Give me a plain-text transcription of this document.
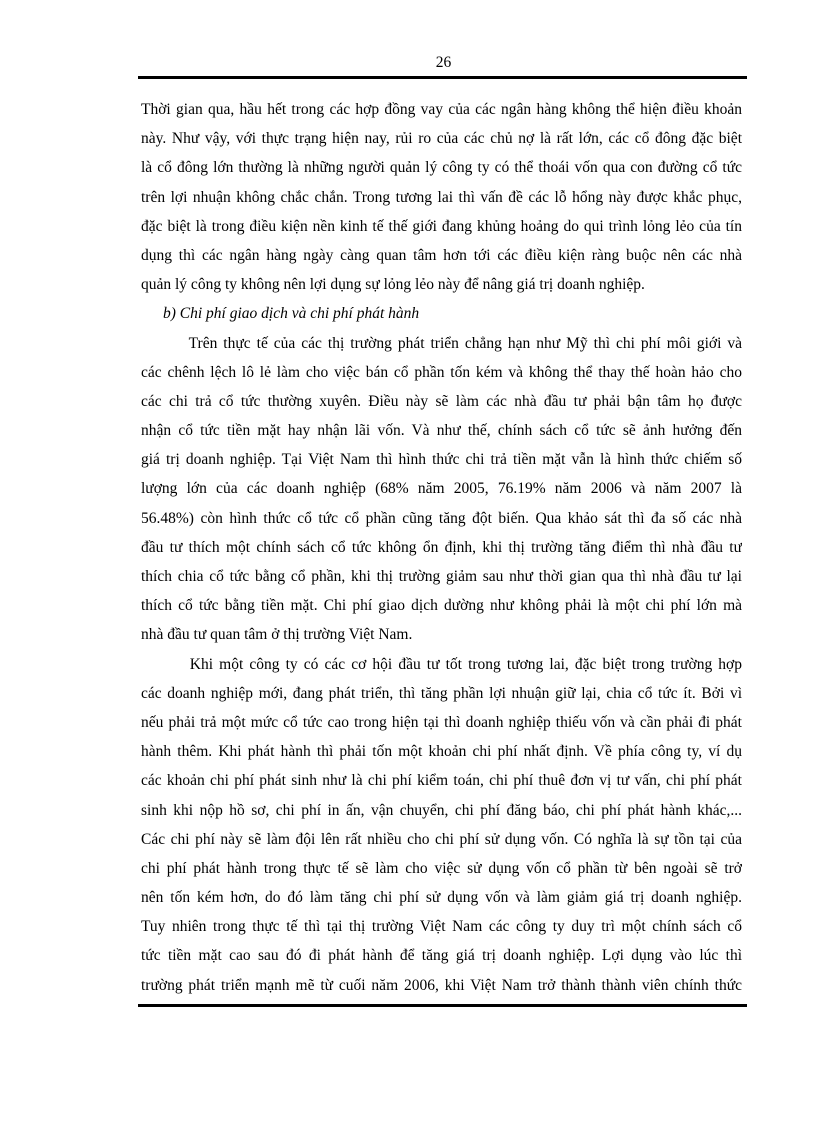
26
Thời gian qua, hầu hết trong các hợp đồng vay của các ngân hàng không thể hiện điều khoản
này. Như vậy, với thực trạng hiện nay, rủi ro của các chủ nợ là rất lớn, các cổ đông đặc biệt
là cổ đông lớn thường là những người quản lý công ty có thể thoái vốn qua con đường cổ tức
trên lợi nhuận không chắc chắn. Trong tương lai thì vấn đề các lỗ hổng này được khắc phục,
đặc biệt là trong điều kiện nền kinh tế thế giới đang khủng hoảng do qui trình lỏng lẻo của tín
dụng thì các ngân hàng ngày càng quan tâm hơn tới các điều kiện ràng buộc nên các nhà
quản lý công ty không nên lợi dụng sự lỏng lẻo này để nâng giá trị doanh nghiệp.
b) Chi phí giao dịch và chi phí phát hành
Trên thực tế của các thị trường phát triển chẳng hạn như Mỹ thì chi phí môi giới và
các chênh lệch lô lẻ làm cho việc bán cổ phần tốn kém và không thể thay thế hoàn hảo cho
các chi trả cổ tức thường xuyên. Điều này sẽ làm các nhà đầu tư phải bận tâm họ được
nhận cổ tức tiền mặt hay nhận lãi vốn. Và như thế, chính sách cổ tức sẽ ảnh hưởng đến
giá trị doanh nghiệp. Tại Việt Nam thì hình thức chi trả tiền mặt vẫn là hình thức chiếm số
lượng lớn của các doanh nghiệp (68% năm 2005, 76.19% năm 2006 và năm 2007 là
56.48%) còn hình thức cổ tức cổ phần cũng tăng đột biến. Qua khảo sát thì đa số các nhà
đầu tư thích một chính sách cổ tức không ổn định, khi thị trường tăng điểm thì nhà đầu tư
thích chia cổ tức bằng cổ phần, khi thị trường giảm sau như thời gian qua thì nhà đầu tư lại
thích cổ tức bằng tiền mặt. Chi phí giao dịch dường như không phải là một chi phí lớn mà
nhà đầu tư quan tâm ở thị trường Việt Nam.
Khi một công ty có các cơ hội đầu tư tốt trong tương lai, đặc biệt trong trường hợp
các doanh nghiệp mới, đang phát triển, thì tăng phần lợi nhuận giữ lại, chia cổ tức ít. Bởi vì
nếu phải trả một mức cổ tức cao trong hiện tại thì doanh nghiệp thiếu vốn và cần phải đi phát
hành thêm. Khi phát hành thì phải tốn một khoản chi phí nhất định. Về phía công ty, ví dụ
các khoản chi phí phát sinh như là chi phí kiểm toán, chi phí thuê đơn vị tư vấn, chi phí phát
sinh khi nộp hồ sơ, chi phí in ấn, vận chuyển, chi phí đăng báo, chi phí phát hành khác,...
Các chi phí này sẽ làm đội lên rất nhiều cho chi phí sử dụng vốn. Có nghĩa là sự tồn tại của
chi phí phát hành trong thực tế sẽ làm cho việc sử dụng vốn cổ phần từ bên ngoài sẽ trở
nên tốn kém hơn, do đó làm tăng chi phí sử dụng vốn và làm giảm giá trị doanh nghiệp.
Tuy nhiên trong thực tế thì tại thị trường Việt Nam các công ty duy trì một chính sách cổ
tức tiền mặt cao sau đó đi phát hành để tăng giá trị doanh nghiệp. Lợi dụng vào lúc thì
trường phát triển mạnh mẽ từ cuối năm 2006, khi Việt Nam trở thành thành viên chính thức
